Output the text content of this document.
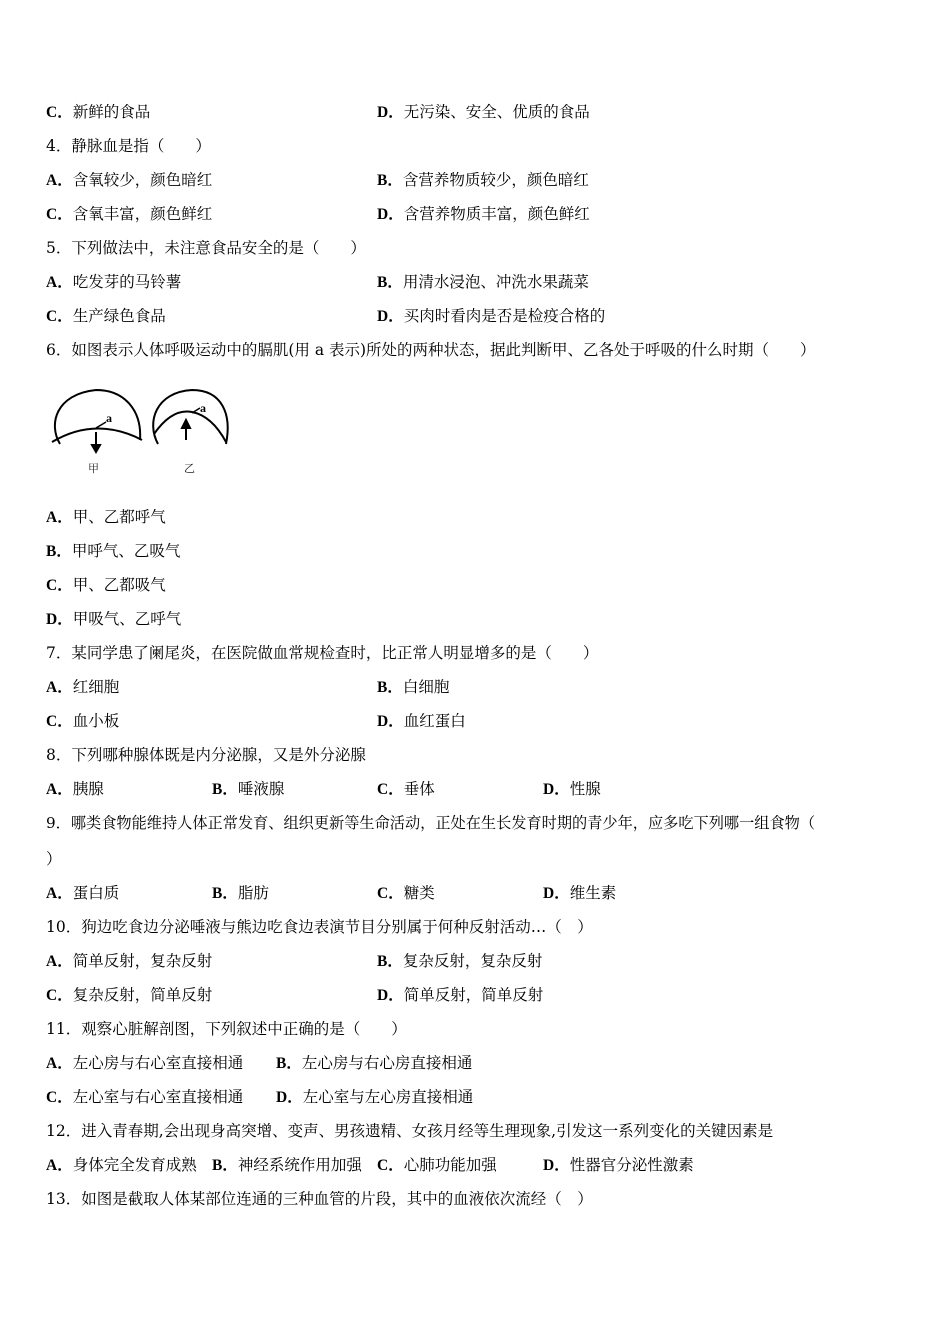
C．新鲜的食品	D．无污染、安全、优质的食品
4．静脉血是指（　　）
A．含氧较少，颜色暗红	B．含营养物质较少，颜色暗红
C．含氧丰富，颜色鲜红	D．含营养物质丰富，颜色鲜红
5．下列做法中，未注意食品安全的是（　　）
A．吃发芽的马铃薯	B．用清水浸泡、冲洗水果蔬菜
C．生产绿色食品	D．买肉时看肉是否是检疫合格的
6．如图表示人体呼吸运动中的膈肌(用 a 表示)所处的两种状态，据此判断甲、乙各处于呼吸的什么时期（　　）
a
甲
a
乙
A．甲、乙都呼气
B．甲呼气、乙吸气
C．甲、乙都吸气
D．甲吸气、乙呼气
7．某同学患了阑尾炎，在医院做血常规检查时，比正常人明显增多的是（　　）
A．红细胞	B．白细胞
C．血小板	D．血红蛋白
8．下列哪种腺体既是内分泌腺，又是外分泌腺
A．胰腺	B．唾液腺	C．垂体	D．性腺
9．哪类食物能维持人体正常发育、组织更新等生命活动，正处在生长发育时期的青少年，应多吃下列哪一组食物（
）
A．蛋白质	B．脂肪	C．糖类	D．维生素
10．狗边吃食边分泌唾液与熊边吃食边表演节目分别属于何种反射活动…（　）
A．简单反射，复杂反射	B．复杂反射，复杂反射
C．复杂反射，简单反射	D．简单反射，简单反射
11．观察心脏解剖图，下列叙述中正确的是（　　）
A．左心房与右心室直接相通 B．左心房与右心房直接相通
C．左心室与右心室直接相通 D．左心室与左心房直接相通
12．进入青春期,会出现身高突增、变声、男孩遗精、女孩月经等生理现象,引发这一系列变化的关键因素是
A．身体完全发育成熟 B．神经系统作用加强 C．心肺功能加强	D．性器官分泌性激素
13．如图是截取人体某部位连通的三种血管的片段，其中的血液依次流经（　）
